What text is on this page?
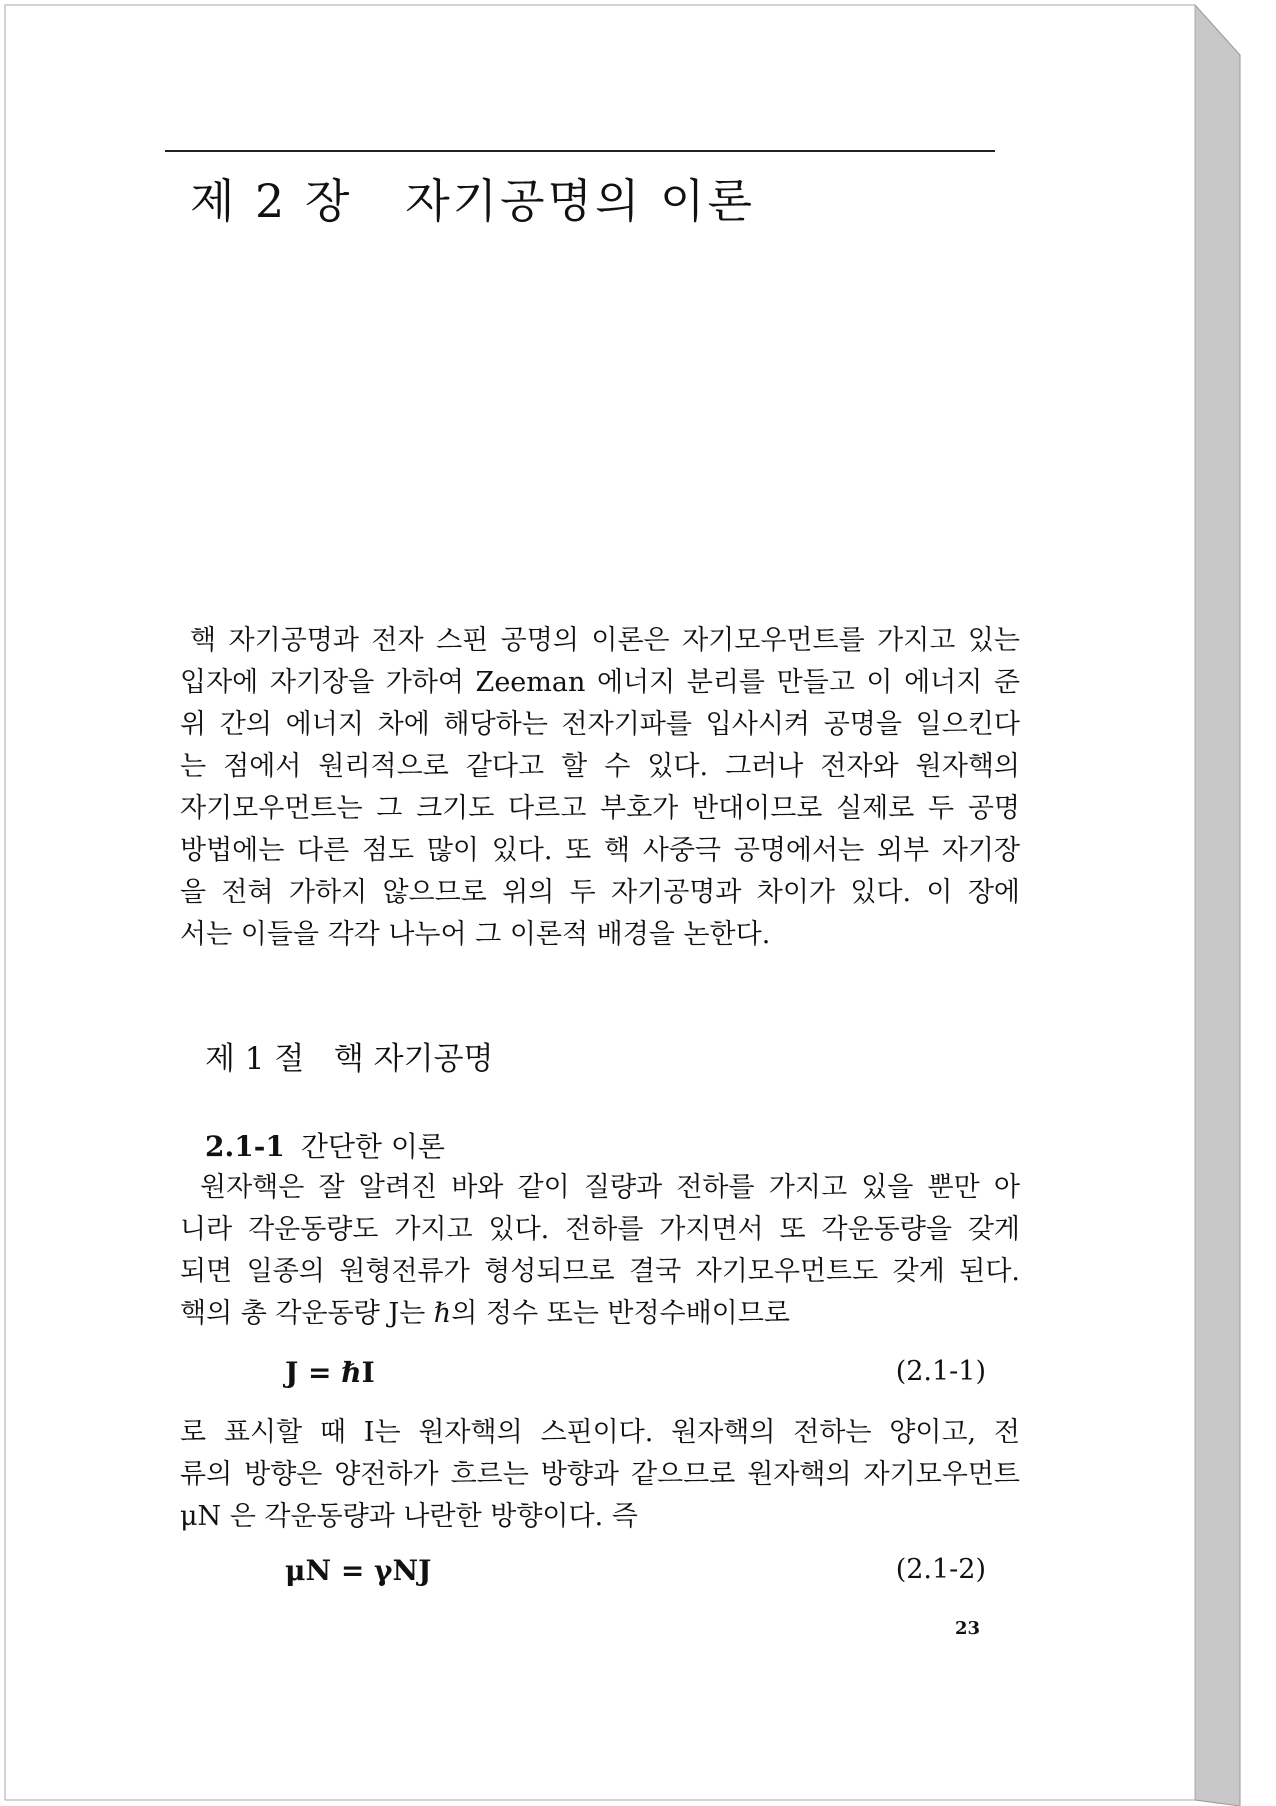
제 2 장   자기공명의 이론

핵 자기공명과 전자 스핀 공명의 이론은 자기모우먼트를 가지고 있는
입자에 자기장을 가하여 Zeeman 에너지 분리를 만들고 이 에너지 준
위 간의 에너지 차에 해당하는 전자기파를 입사시켜 공명을 일으킨다
는 점에서 원리적으로 같다고 할 수 있다. 그러나 전자와 원자핵의
자기모우먼트는 그 크기도 다르고 부호가 반대이므로 실제로 두 공명
방법에는 다른 점도 많이 있다. 또 핵 사중극 공명에서는 외부 자기장
을 전혀 가하지 않으므로 위의 두 자기공명과 차이가 있다. 이 장에
서는 이들을 각각 나누어 그 이론적 배경을 논한다.

제 1 절   핵 자기공명
2.1-1 간단한 이론

원자핵은 잘 알려진 바와 같이 질량과 전하를 가지고 있을 뿐만 아
니라 각운동량도 가지고 있다. 전하를 가지면서 또 각운동량을 갖게
되면 일종의 원형전류가 형성되므로 결국 자기모우먼트도 갖게 된다.
핵의 총 각운동량 J는 ℏ의 정수 또는 반정수배이므로

J = ℏI	(2.1-1)

로 표시할 때 I는 원자핵의 스핀이다. 원자핵의 전하는 양이고, 전
류의 방향은 양전하가 흐르는 방향과 같으므로 원자핵의 자기모우먼트
μN 은 각운동량과 나란한 방향이다. 즉

μN = γNJ	(2.1-2)
23
